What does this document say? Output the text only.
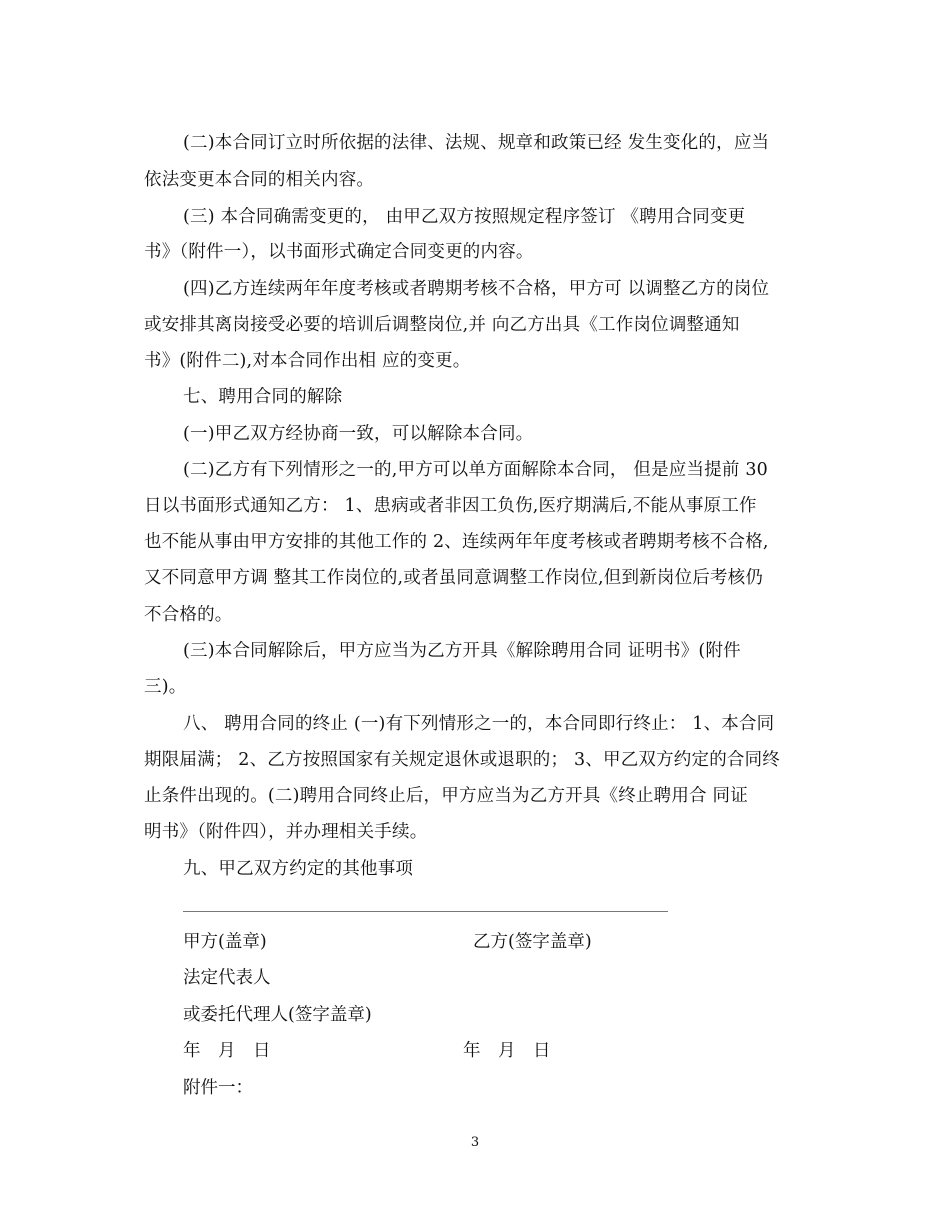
(二)本合同订立时所依据的法律、法规、规章和政策已经 发生变化的，应当
依法变更本合同的相关内容。
(三) 本合同确需变更的， 由甲乙双方按照规定程序签订 《聘用合同变更
书》（附件一），以书面形式确定合同变更的内容。
(四)乙方连续两年年度考核或者聘期考核不合格，甲方可 以调整乙方的岗位
或安排其离岗接受必要的培训后调整岗位,并 向乙方出具《工作岗位调整通知
书》(附件二),对本合同作出相 应的变更。
七、聘用合同的解除
(一)甲乙双方经协商一致，可以解除本合同。
(二)乙方有下列情形之一的,甲方可以单方面解除本合同， 但是应当提前 30
日以书面形式通知乙方： 1、患病或者非因工负伤,医疗期满后,不能从事原工作
也不能从事由甲方安排的其他工作的 2、连续两年年度考核或者聘期考核不合格,
又不同意甲方调 整其工作岗位的,或者虽同意调整工作岗位,但到新岗位后考核仍
不合格的。
(三)本合同解除后，甲方应当为乙方开具《解除聘用合同 证明书》(附件
三)。
八、 聘用合同的终止 (一)有下列情形之一的，本合同即行终止： 1、本合同
期限届满； 2、乙方按照国家有关规定退休或退职的； 3、甲乙双方约定的合同终
止条件出现的。(二)聘用合同终止后，甲方应当为乙方开具《终止聘用合 同证
明书》（附件四），并办理相关手续。
九、甲乙双方约定的其他事项
甲方(盖章)	乙方(签字盖章)
法定代表人
或委托代理人(签字盖章)
年　月　日	年　月　日
附件一：
3
